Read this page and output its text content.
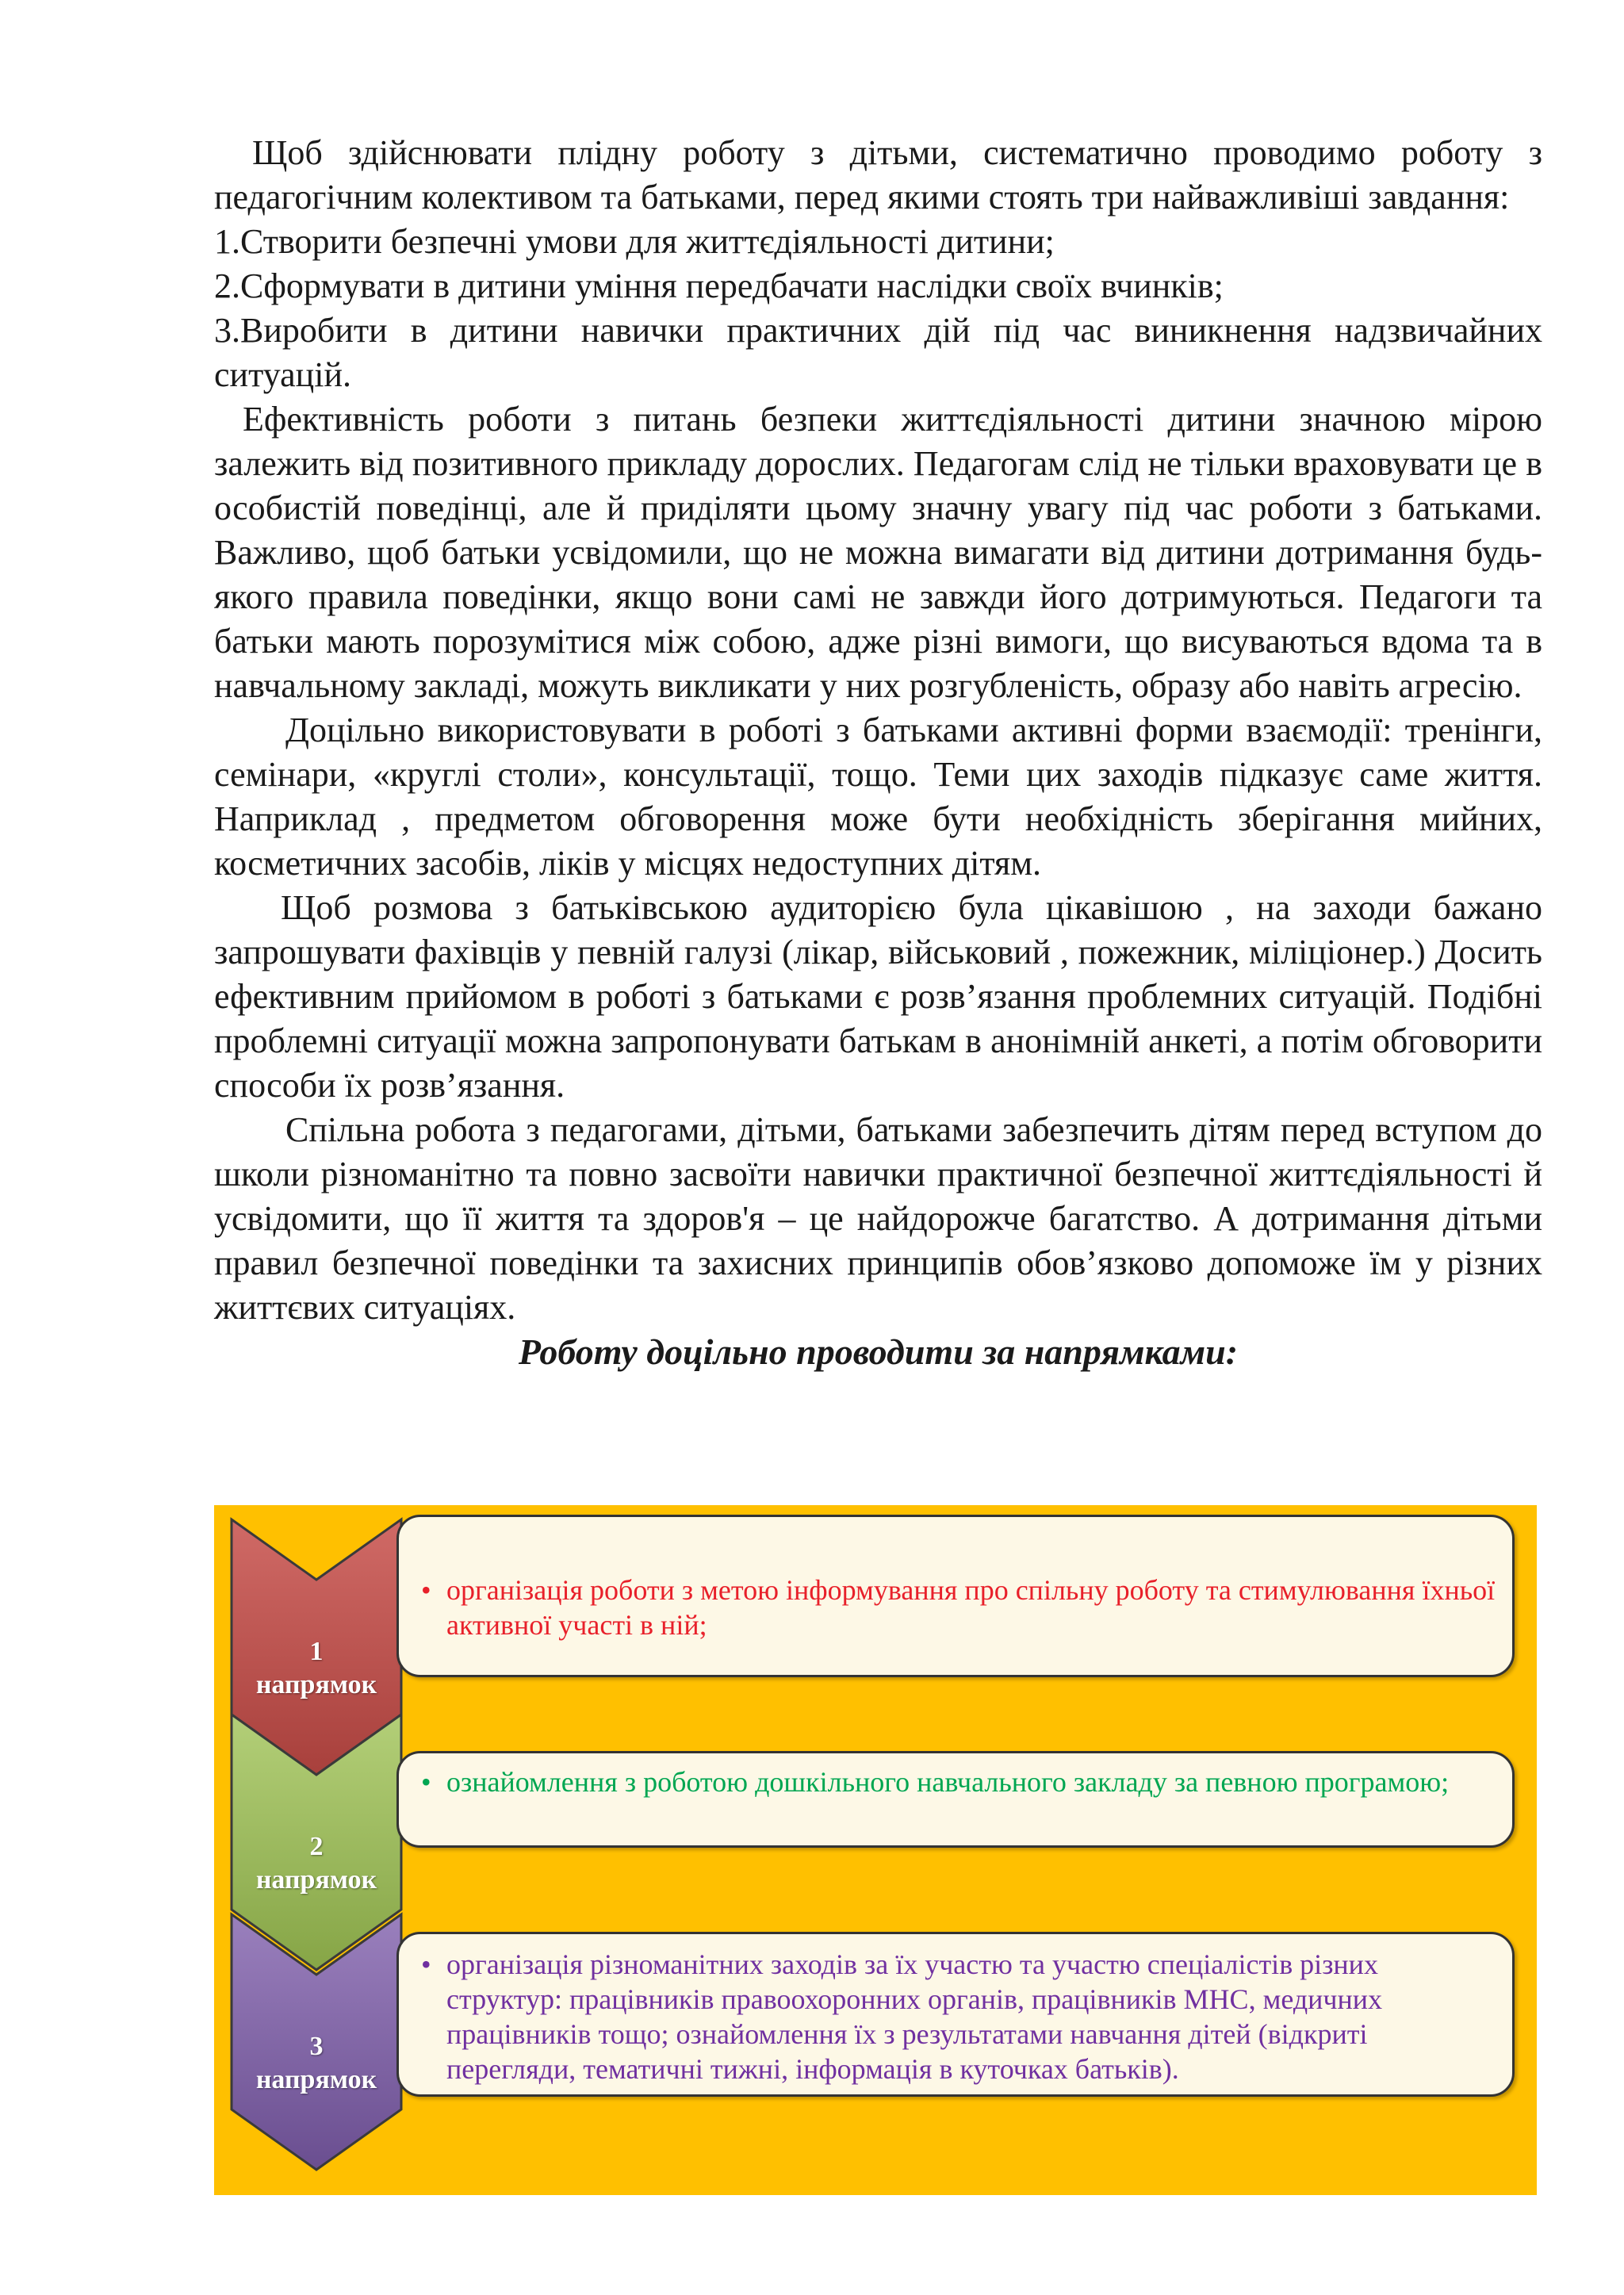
Щоб здійснювати плідну роботу з дітьми, систематично проводимо роботу з педагогічним колективом та батьками, перед якими стоять три найважливіші завдання:

1.Створити безпечні умови для життєдіяльності дитини;

2.Сформувати в дитини уміння передбачати наслідки своїх вчинків;

3.Виробити в дитини навички практичних дій під час виникнення надзвичайних ситуацій.

Ефективність роботи з питань безпеки життєдіяльності дитини значною мірою залежить від позитивного прикладу дорослих. Педагогам слід не тільки враховувати це в особистій поведінці, але й приділяти цьому значну увагу під час роботи з батьками. Важливо, щоб батьки усвідомили, що не можна вимагати від дитини дотримання будь-якого правила поведінки, якщо вони самі не завжди його дотримуються. Педагоги та батьки мають порозумітися між собою, адже різні вимоги, що висуваються вдома та в навчальному закладі, можуть викликати у них розгубленість, образу або навіть агресію.

Доцільно використовувати в роботі з батьками активні форми взаємодії: тренінги, семінари, «круглі столи», консультації, тощо. Теми цих заходів підказує саме життя. Наприклад , предметом обговорення може бути необхідність зберігання мийних, косметичних засобів, ліків у місцях недоступних дітям.

Щоб розмова з батьківською аудиторією була цікавішою , на заходи бажано запрошувати фахівців у певній галузі (лікар, військовий , пожежник, міліціонер.) Досить ефективним прийомом в роботі з батьками є розв’язання проблемних ситуацій. Подібні проблемні ситуації можна запропонувати батькам в анонімній анкеті, а потім обговорити способи їх розв’язання.

Спільна робота з педагогами, дітьми, батьками забезпечить дітям перед вступом до школи різноманітно та повно засвоїти навички практичної безпечної життєдіяльності й усвідомити, що її життя та здоров'я – це найдорожче багатство. А дотримання дітьми правил безпечної поведінки та захисних принципів обов’язково допоможе їм у різних життєвих ситуаціях.

Роботу доцільно проводити за напрямками:

1
напрямок
• організація роботи з метою інформування про спільну роботу та стимулювання їхньої активної участі в ній;
2
напрямок
• ознайомлення з роботою дошкільного навчального закладу за певною програмою;
3
напрямок
• організація різноманітних заходів за їх участю та участю спеціалістів різних структур: працівників правоохоронних органів, працівників МНС, медичних працівників тощо; ознайомлення їх з результатами навчання дітей (відкриті перегляди, тематичні тижні, інформація в куточках батьків).
